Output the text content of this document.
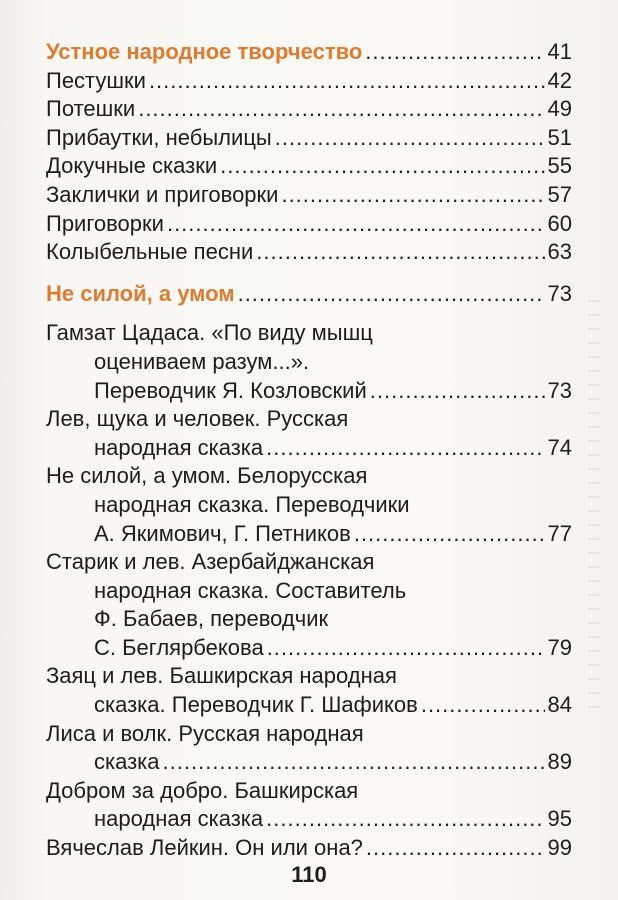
Устное народное творчество .....	41
Пестушки .....	42
Потешки .....	49
Прибаутки, небылицы .....	51
Докучные сказки .....	55
Заклички и приговорки .....	57
Приговорки .....	60
Колыбельные песни .....	63
Не силой, а умом .....	73
Гамзат Цадаса. «По виду мышц
оцениваем разум...».
Переводчик Я. Козловский .....	73
Лев, щука и человек. Русская
народная сказка .....	74
Не силой, а умом. Белорусская
народная сказка. Переводчики
А. Якимович, Г. Петников .....	77
Старик и лев. Азербайджанская
народная сказка. Составитель
Ф. Бабаев, переводчик
С. Беглярбекова .....	79
Заяц и лев. Башкирская народная
сказка. Переводчик Г. Шафиков .....	84
Лиса и волк. Русская народная
сказка .....	89
Добром за добро. Башкирская
народная сказка .....	95
Вячеслав Лейкин. Он или она? .....	99
110
